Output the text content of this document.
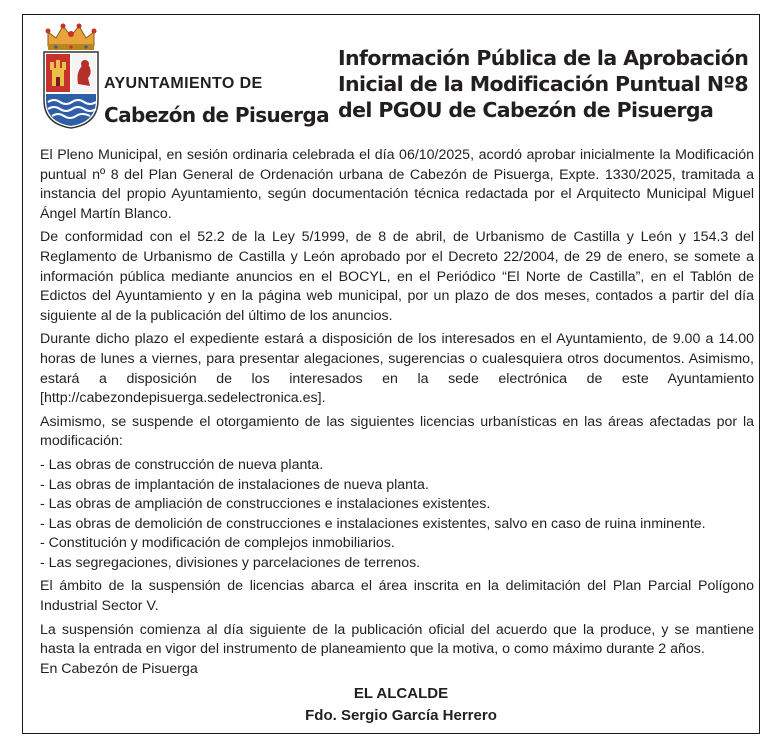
AYUNTAMIENTO DE
Cabezón de Pisuerga
Información Pública de la Aprobación
Inicial de la Modificación Puntual Nº8
del PGOU de Cabezón de Pisuerga

El Pleno Municipal, en sesión ordinaria celebrada el día 06/10/2025, acordó aprobar inicialmente la Modificación puntual nº 8 del Plan General de Ordenación urbana de Cabezón de Pisuerga, Expte. 1330/2025, tramitada a instancia del propio Ayuntamiento, según documentación técnica redactada por el Arquitecto Municipal Miguel Ángel Martín Blanco.

De conformidad con el 52.2 de la Ley 5/1999, de 8 de abril, de Urbanismo de Castilla y León y 154.3 del Reglamento de Urbanismo de Castilla y León aprobado por el Decreto 22/2004, de 29 de enero, se somete a información pública mediante anuncios en el BOCYL, en el Periódico “El Norte de Castilla”, en el Tablón de Edictos del Ayuntamiento y en la página web municipal, por un plazo de dos meses, contados a partir del día siguiente al de la publicación del último de los anuncios.

Durante dicho plazo el expediente estará a disposición de los interesados en el Ayuntamiento, de 9.00 a 14.00 horas de lunes a viernes, para presentar alegaciones, sugerencias o cualesquiera otros documentos. Asimismo, estará a disposición de los interesados en la sede electrónica de este Ayuntamiento [http://cabezondepisuerga.sedelectronica.es].

Asimismo, se suspende el otorgamiento de las siguientes licencias urbanísticas en las áreas afectadas por la modificación:

- Las obras de construcción de nueva planta.
- Las obras de implantación de instalaciones de nueva planta.
- Las obras de ampliación de construcciones e instalaciones existentes.
- Las obras de demolición de construcciones e instalaciones existentes, salvo en caso de ruina inminente.
- Constitución y modificación de complejos inmobiliarios.
- Las segregaciones, divisiones y parcelaciones de terrenos.

El ámbito de la suspensión de licencias abarca el área inscrita en la delimitación del Plan Parcial Polígono Industrial Sector V.

La suspensión comienza al día siguiente de la publicación oficial del acuerdo que la produce, y se mantiene hasta la entrada en vigor del instrumento de planeamiento que la motiva, o como máximo durante 2 años.

En Cabezón de Pisuerga

EL ALCALDE
Fdo. Sergio García Herrero
